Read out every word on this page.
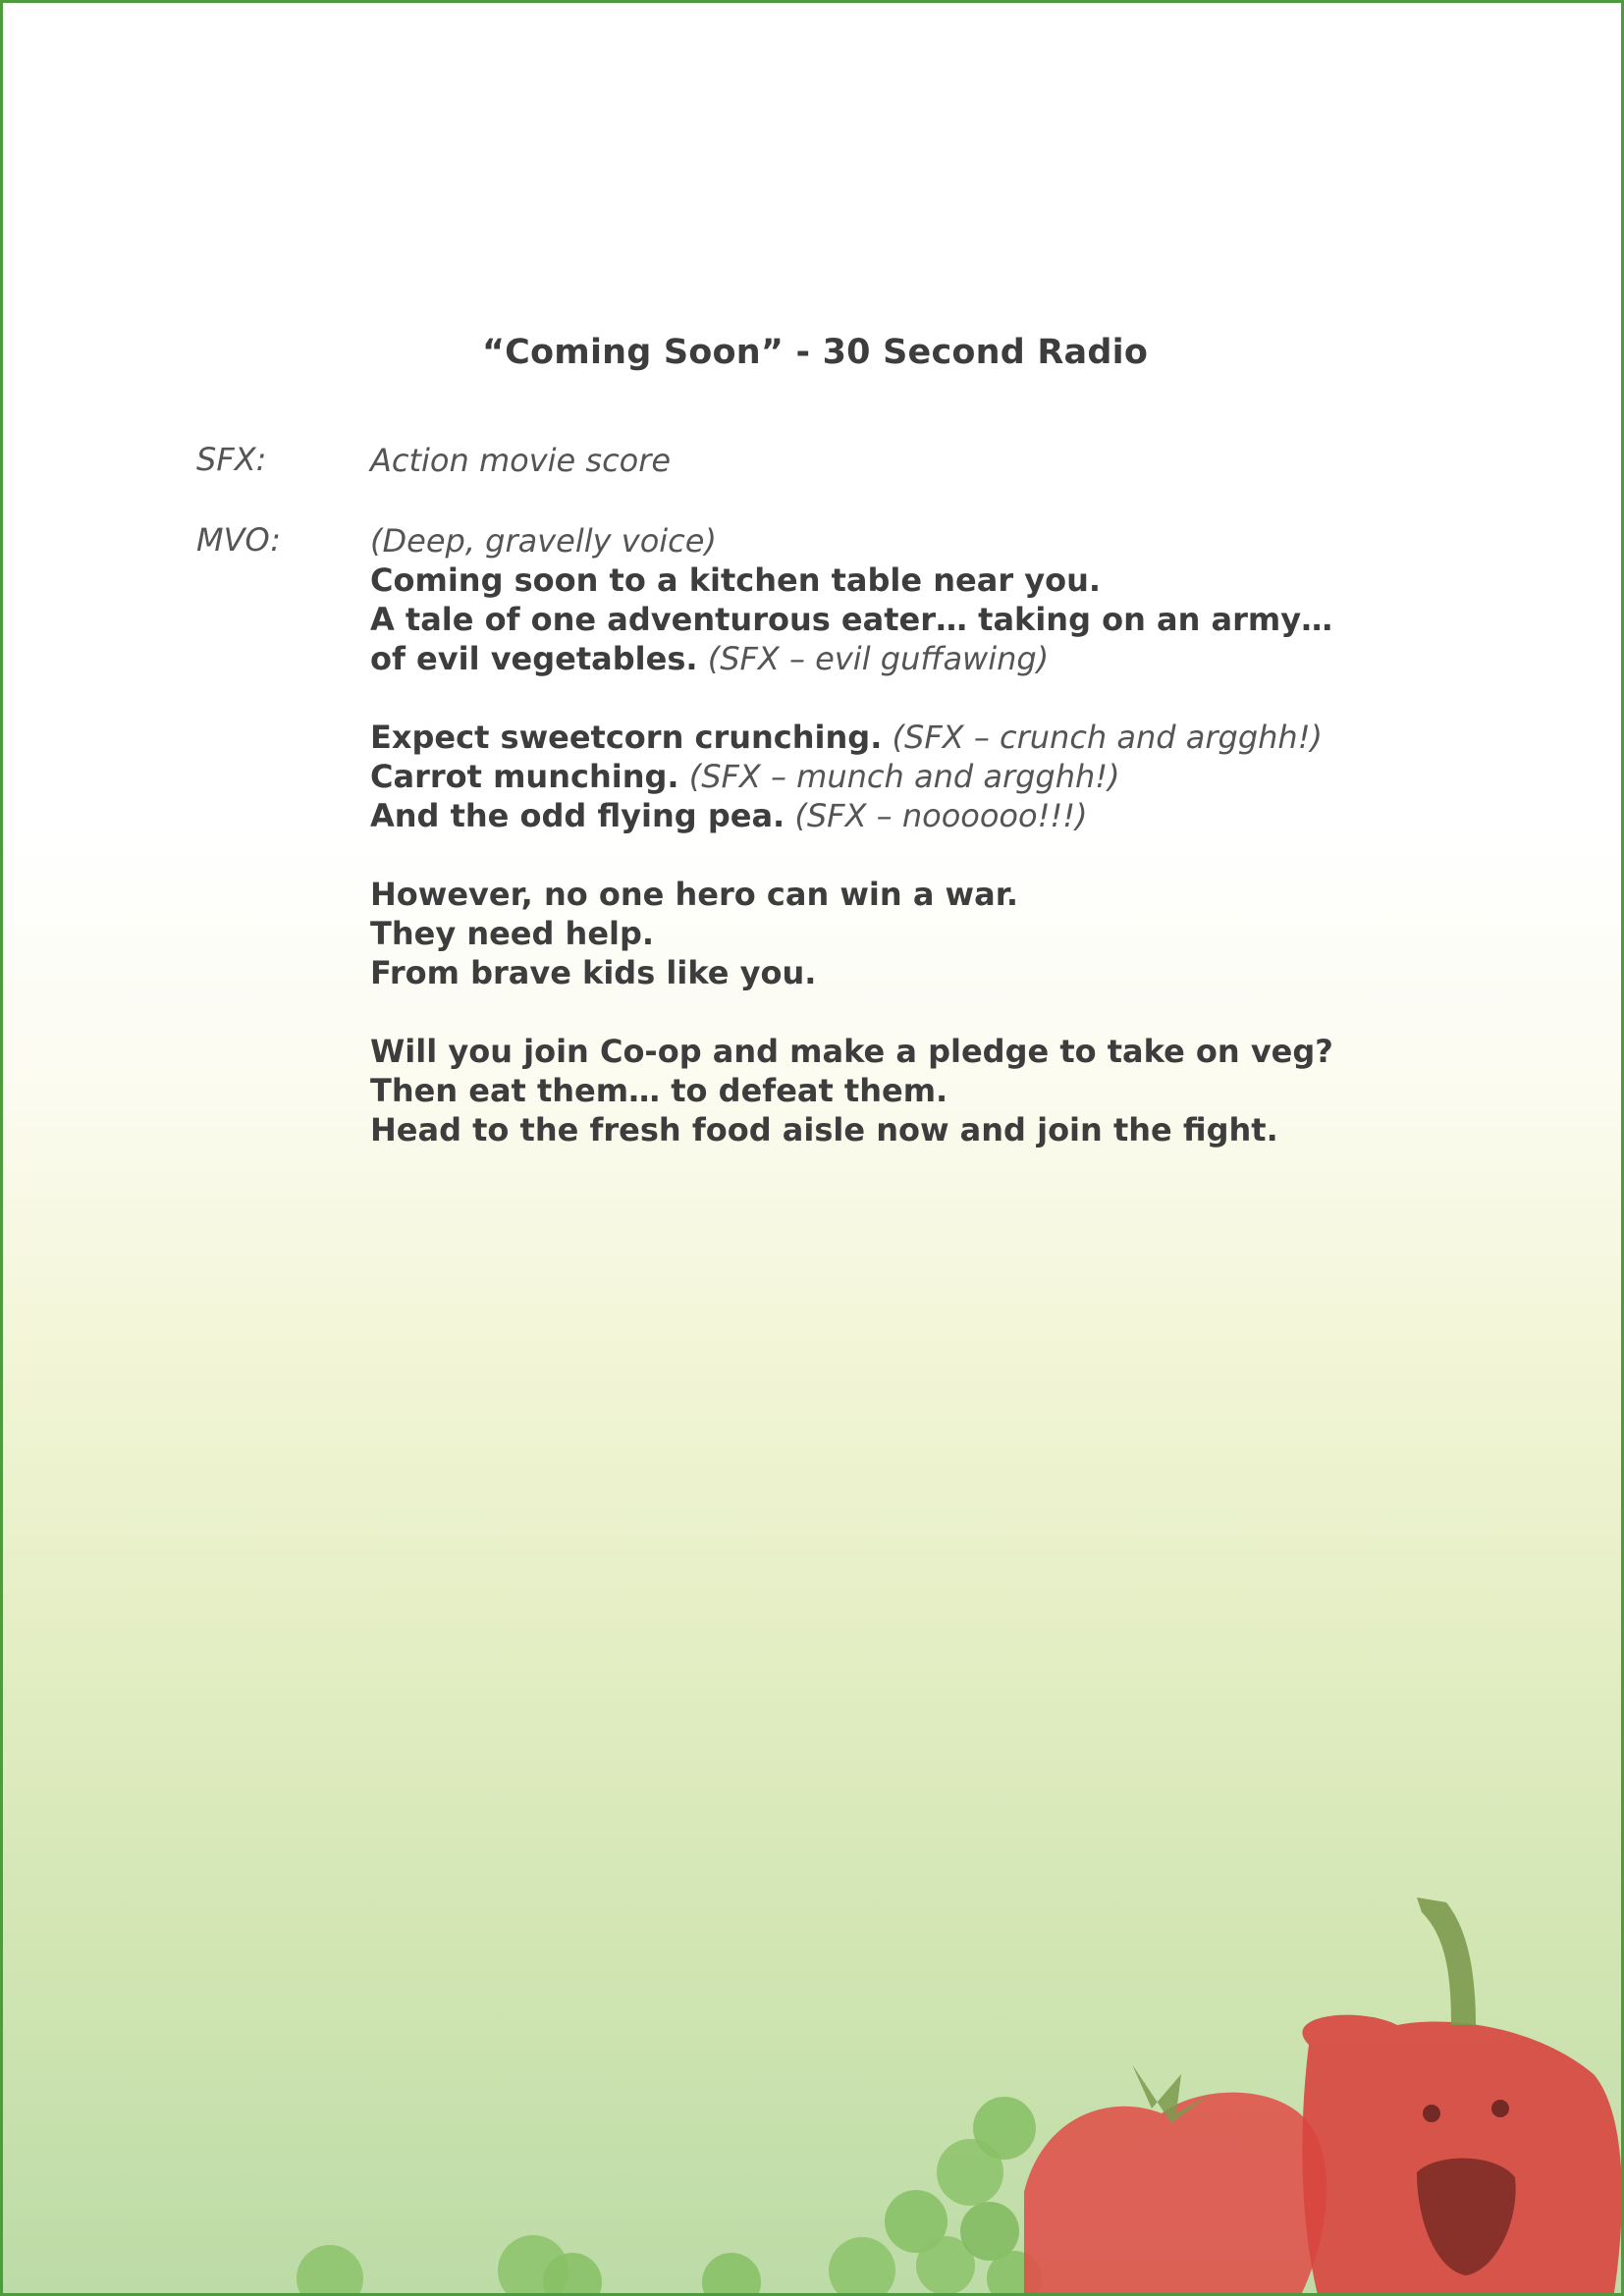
“Coming Soon” - 30 Second Radio
SFX:	Action movie score
MVO:	(Deep, gravelly voice)
Coming soon to a kitchen table near you.
A tale of one adventurous eater… taking on an army…
of evil vegetables. (SFX – evil guffawing)
Expect sweetcorn crunching. (SFX – crunch and argghh!)
Carrot munching. (SFX – munch and argghh!)
And the odd flying pea. (SFX – noooooo!!!)
However, no one hero can win a war.
They need help.
From brave kids like you.
Will you join Co-op and make a pledge to take on veg?
Then eat them… to defeat them.
Head to the fresh food aisle now and join the fight.
